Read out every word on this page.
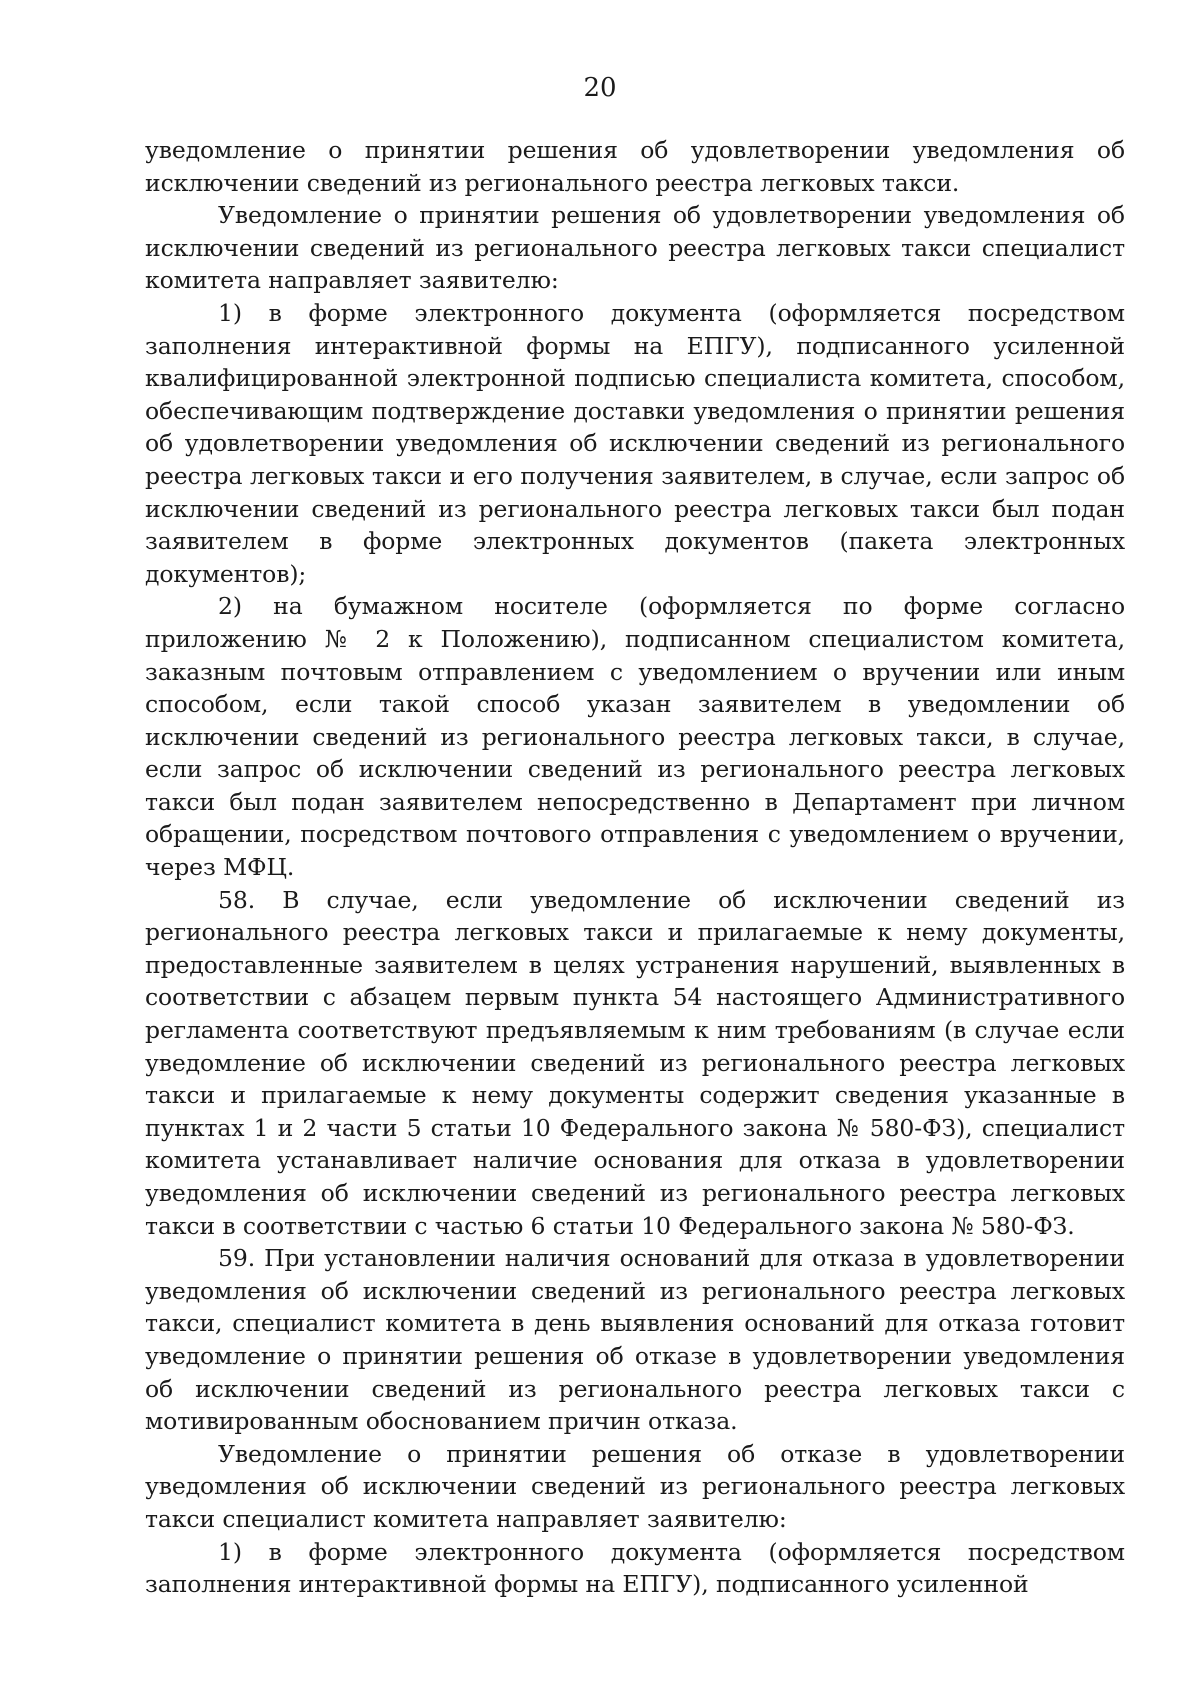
20

уведомление о принятии решения об удовлетворении уведомления об исключении сведений из регионального реестра легковых такси.

Уведомление о принятии решения об удовлетворении уведомления об исключении сведений из регионального реестра легковых такси специалист комитета направляет заявителю:

1) в форме электронного документа (оформляется посредством заполнения интерактивной формы на ЕПГУ), подписанного усиленной квалифицированной электронной подписью специалиста комитета, способом, обеспечивающим подтверждение доставки уведомления о принятии решения об удовлетворении уведомления об исключении сведений из регионального реестра легковых такси и его получения заявителем, в случае, если запрос об исключении сведений из регионального реестра легковых такси был подан заявителем в форме электронных документов (пакета электронных документов);

2) на бумажном носителе (оформляется по форме согласно приложению № 2 к Положению), подписанном специалистом комитета, заказным почтовым отправлением с уведомлением о вручении или иным способом, если такой способ указан заявителем в уведомлении об исключении сведений из регионального реестра легковых такси, в случае, если запрос об исключении сведений из регионального реестра легковых такси был подан заявителем непосредственно в Департамент при личном обращении, посредством почтового отправления с уведомлением о вручении, через МФЦ.

58. В случае, если уведомление об исключении сведений из регионального реестра легковых такси и прилагаемые к нему документы, предоставленные заявителем в целях устранения нарушений, выявленных в соответствии с абзацем первым пункта 54 настоящего Административного регламента соответствуют предъявляемым к ним требованиям (в случае если уведомление об исключении сведений из регионального реестра легковых такси и прилагаемые к нему документы содержит сведения указанные в пунктах 1 и 2 части 5 статьи 10 Федерального закона № 580-ФЗ), специалист комитета устанавливает наличие основания для отказа в удовлетворении уведомления об исключении сведений из регионального реестра легковых такси в соответствии с частью 6 статьи 10 Федерального закона № 580-ФЗ.

59. При установлении наличия оснований для отказа в удовлетворении уведомления об исключении сведений из регионального реестра легковых такси, специалист комитета в день выявления оснований для отказа готовит уведомление о принятии решения об отказе в удовлетворении уведомления об исключении сведений из регионального реестра легковых такси с мотивированным обоснованием причин отказа.

Уведомление о принятии решения об отказе в удовлетворении уведомления об исключении сведений из регионального реестра легковых такси специалист комитета направляет заявителю:

1) в форме электронного документа (оформляется посредством заполнения интерактивной формы на ЕПГУ), подписанного усиленной
